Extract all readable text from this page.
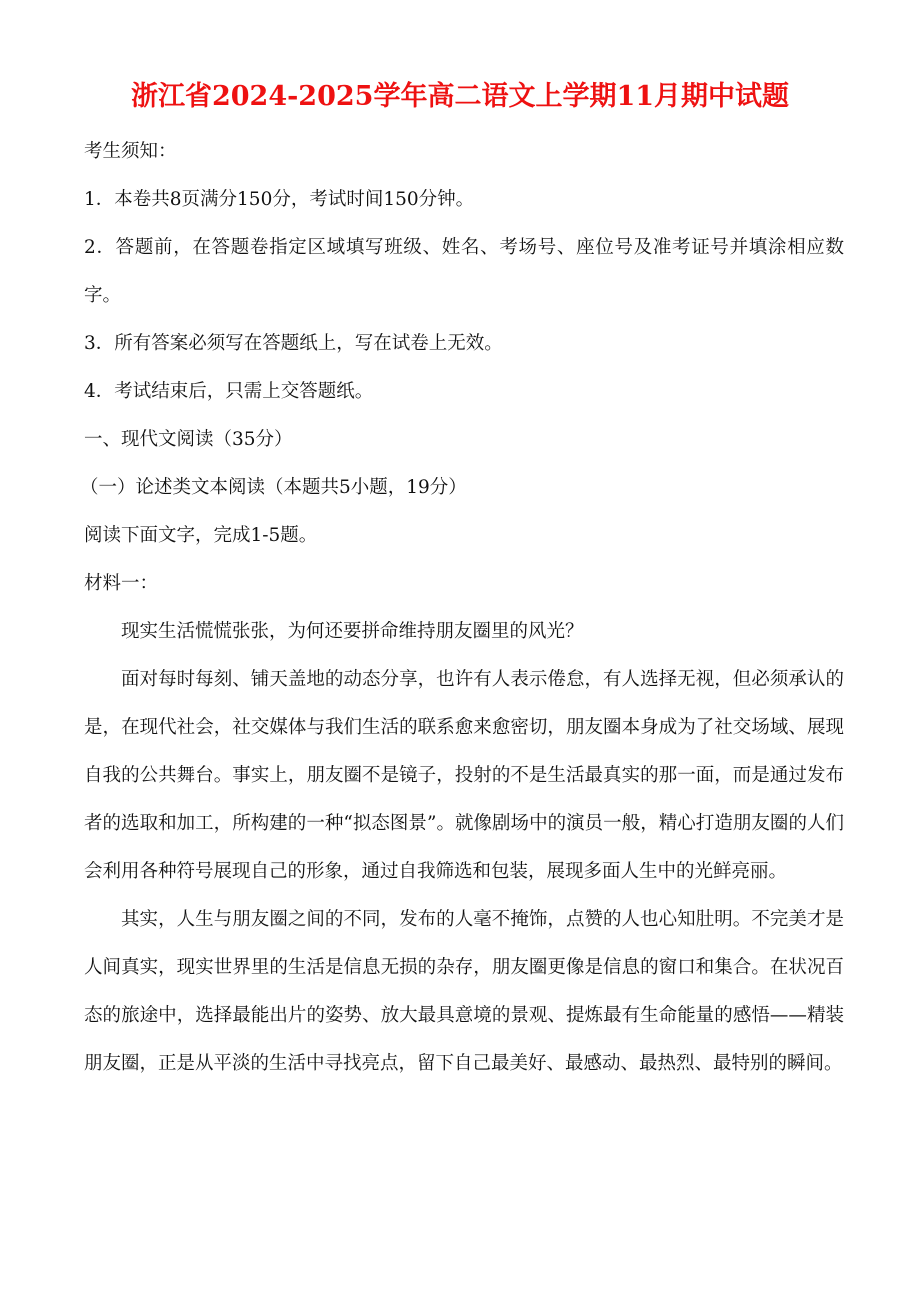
浙江省2024-2025学年高二语文上学期11月期中试题
考生须知：
1．本卷共8页满分150分，考试时间150分钟。
2．答题前，在答题卷指定区域填写班级、姓名、考场号、座位号及准考证号并填涂相应数字。
3．所有答案必须写在答题纸上，写在试卷上无效。
4．考试结束后，只需上交答题纸。
一、现代文阅读（35分）
（一）论述类文本阅读（本题共5小题，19分）
阅读下面文字，完成1-5题。
材料一：
现实生活慌慌张张，为何还要拼命维持朋友圈里的风光？
面对每时每刻、铺天盖地的动态分享，也许有人表示倦怠，有人选择无视，但必须承认的是，在现代社会，社交媒体与我们生活的联系愈来愈密切，朋友圈本身成为了社交场域、展现自我的公共舞台。事实上，朋友圈不是镜子，投射的不是生活最真实的那一面，而是通过发布者的选取和加工，所构建的一种“拟态图景”。就像剧场中的演员一般，精心打造朋友圈的人们会利用各种符号展现自己的形象，通过自我筛选和包装，展现多面人生中的光鲜亮丽。
其实，人生与朋友圈之间的不同，发布的人毫不掩饰，点赞的人也心知肚明。不完美才是人间真实，现实世界里的生活是信息无损的杂存，朋友圈更像是信息的窗口和集合。在状况百态的旅途中，选择最能出片的姿势、放大最具意境的景观、提炼最有生命能量的感悟——精装朋友圈，正是从平淡的生活中寻找亮点，留下自己最美好、最感动、最热烈、最特别的瞬间。
